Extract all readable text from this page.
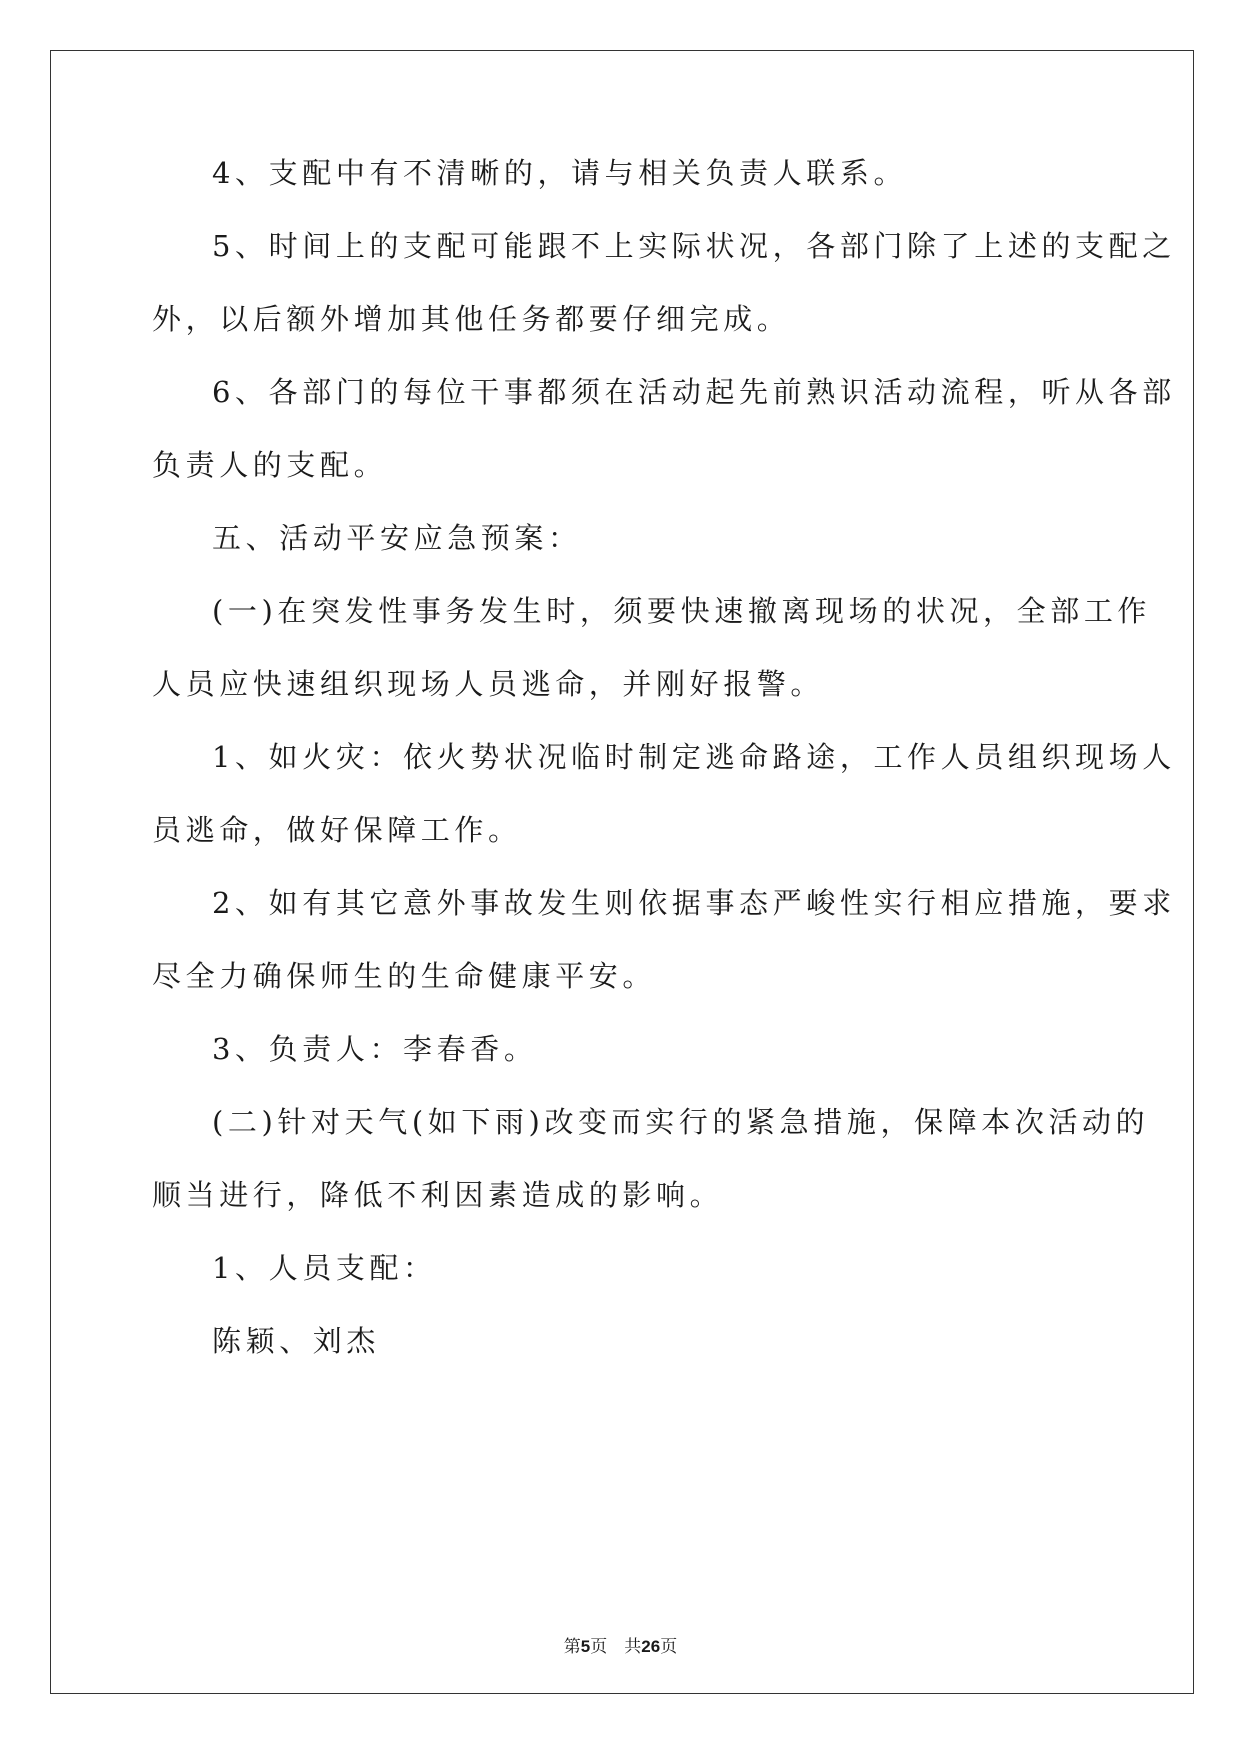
4、支配中有不清晰的，请与相关负责人联系。
5、时间上的支配可能跟不上实际状况，各部门除了上述的支配之
外，以后额外增加其他任务都要仔细完成。
6、各部门的每位干事都须在活动起先前熟识活动流程，听从各部
负责人的支配。
五、活动平安应急预案：
(一)在突发性事务发生时，须要快速撤离现场的状况，全部工作
人员应快速组织现场人员逃命，并刚好报警。
1、如火灾：依火势状况临时制定逃命路途，工作人员组织现场人
员逃命，做好保障工作。
2、如有其它意外事故发生则依据事态严峻性实行相应措施，要求
尽全力确保师生的生命健康平安。
3、负责人：李春香。
(二)针对天气(如下雨)改变而实行的紧急措施，保障本次活动的
顺当进行，降低不利因素造成的影响。
1、人员支配：
陈颖、刘杰
第5页　共26页
